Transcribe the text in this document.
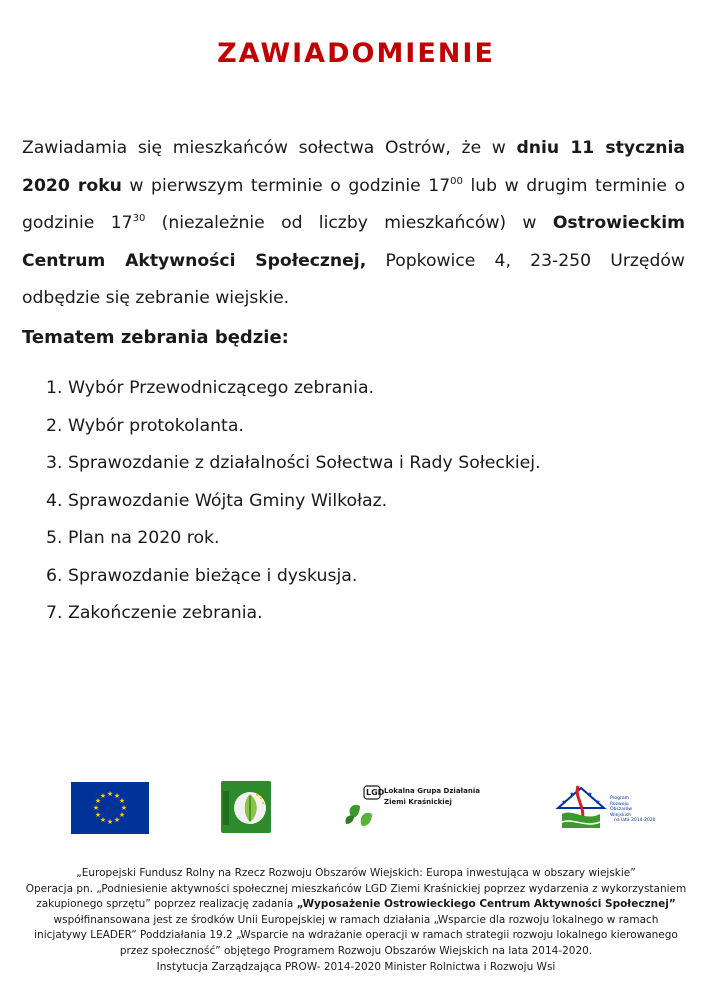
ZAWIADOMIENIE
Zawiadamia się mieszkańców sołectwa Ostrów, że w dniu 11 stycznia 2020 roku w pierwszym terminie o godzinie $17^{00}$ lub w drugim terminie o godzinie $17^{30}$ (niezależnie od liczby mieszkańców) w Ostrowieckim Centrum Aktywności Społecznej, Popkowice 4, 23-250 Urzędów odbędzie się zebranie wiejskie.
Tematem zebrania będzie:
1. Wybór Przewodniczącego zebrania.
2. Wybór protokolanta.
3. Sprawozdanie z działalności Sołectwa i Rady Sołeckiej.
4. Sprawozdanie Wójta Gminy Wilkołaz.
5. Plan na 2020 rok.
6. Sprawozdanie bieżące i dyskusja.
7. Zakończenie zebrania.
★ ★
★
★
★
★
★
★
★
★
★
★	LGD Lokalna Grupa Działania
Ziemi Kraśnickiej	★
★ ★
★
Program
Rozwoju
Obszarów
Wiejskich
na lata 2014-2020
„Europejski Fundusz Rolny na Rzecz Rozwoju Obszarów Wiejskich: Europa inwestująca w obszary wiejskie”
Operacja pn. „Podniesienie aktywności społecznej mieszkańców LGD Ziemi Kraśnickiej poprzez wydarzenia z wykorzystaniem
zakupionego sprzętu” poprzez realizację zadania „Wyposażenie Ostrowieckiego Centrum Aktywności Społecznej”
współfinansowana jest ze środków Unii Europejskiej w ramach działania „Wsparcie dla rozwoju lokalnego w ramach
inicjatywy LEADER” Poddziałania 19.2 „Wsparcie na wdrażanie operacji w ramach strategii rozwoju lokalnego kierowanego
przez społeczność” objętego Programem Rozwoju Obszarów Wiejskich na lata 2014-2020.
Instytucja Zarządzająca PROW- 2014-2020 Minister Rolnictwa i Rozwoju Wsi
